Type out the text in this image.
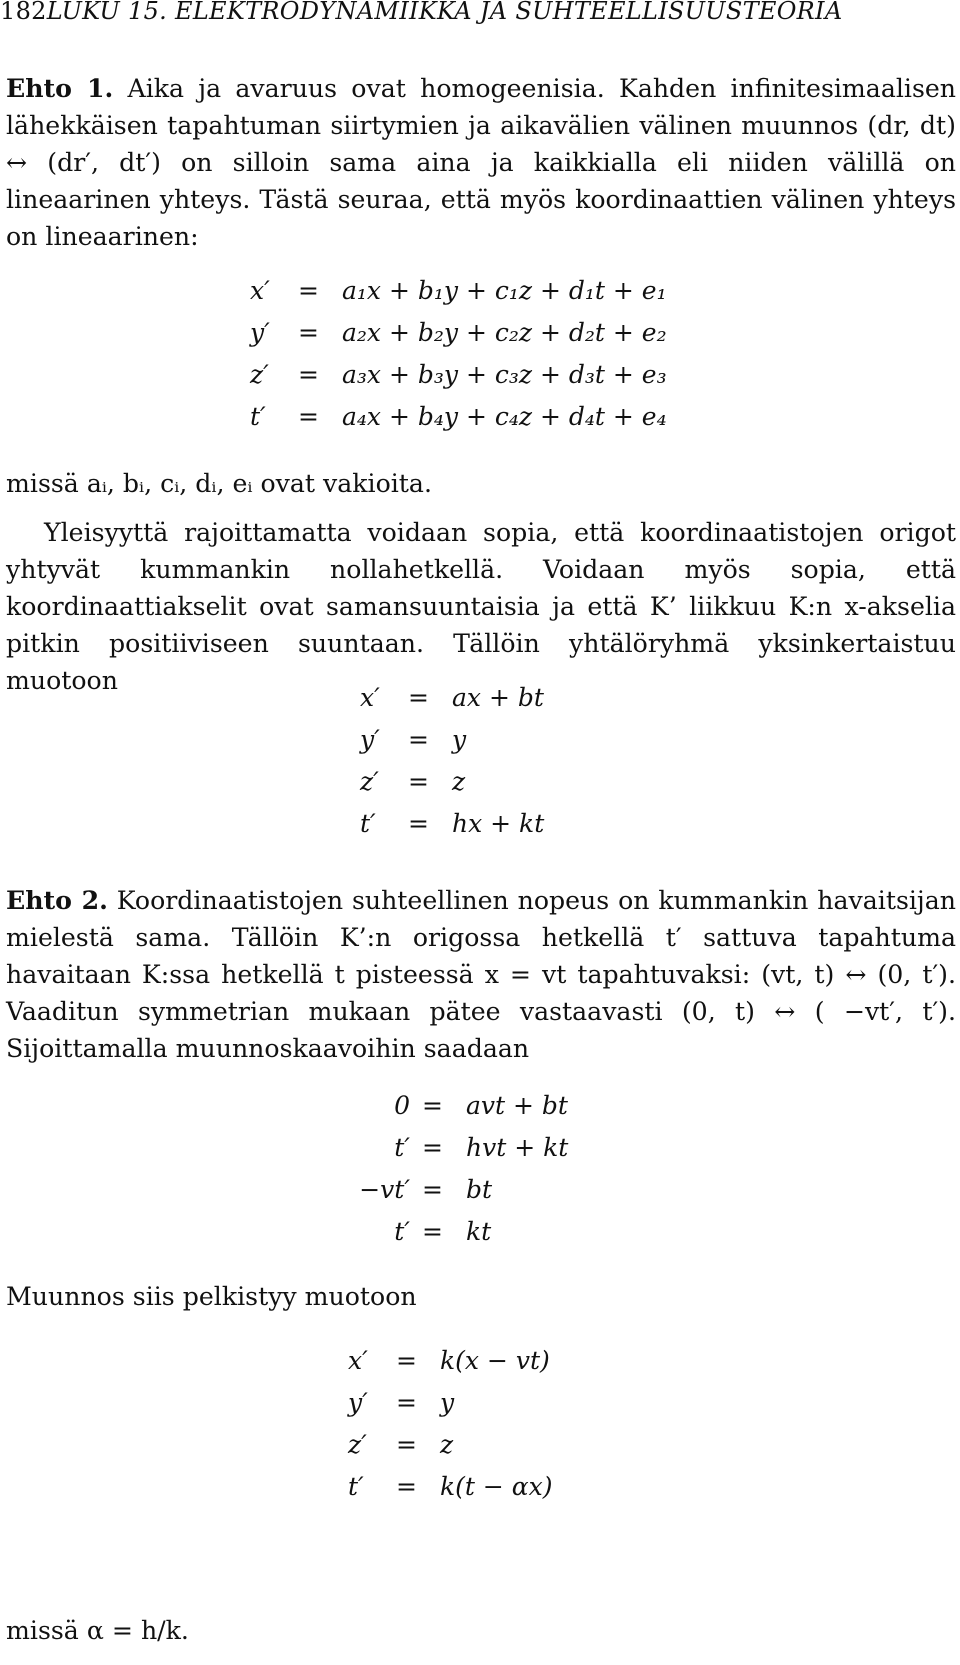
182LUKU 15. ELEKTRODYNAMIIKKA JA SUHTEELLISUUSTEORIA

Ehto 1. Aika ja avaruus ovat homogeenisia. Kahden infinitesimaalisen lähekkäisen tapahtuman siirtymien ja aikavälien välinen muunnos (dr, dt) ↔ (dr′, dt′) on silloin sama aina ja kaikkialla eli niiden välillä on lineaarinen yhteys. Tästä seuraa, että myös koordinaattien välinen yhteys on lineaarinen:

x′ = a₁x + b₁y + c₁z + d₁t + e₁
y′ = a₂x + b₂y + c₂z + d₂t + e₂
z′ = a₃x + b₃y + c₃z + d₃t + e₃
t′ = a₄x + b₄y + c₄z + d₄t + e₄
missä aᵢ, bᵢ, cᵢ, dᵢ, eᵢ ovat vakioita.

Yleisyyttä rajoittamatta voidaan sopia, että koordinaatistojen origot yhtyvät kummankin nollahetkellä. Voidaan myös sopia, että koordinaattiakselit ovat samansuuntaisia ja että K’ liikkuu K:n x-akselia pitkin positiiviseen suuntaan. Tällöin yhtälöryhmä yksinkertaistuu muotoon

x′ = ax + bt
y′ = y
z′ = z
t′ = hx + kt

Ehto 2. Koordinaatistojen suhteellinen nopeus on kummankin havaitsijan mielestä sama. Tällöin K’:n origossa hetkellä t′ sattuva tapahtuma havaitaan K:ssa hetkellä t pisteessä x = vt tapahtuvaksi: (vt, t) ↔ (0, t′). Vaaditun symmetrian mukaan pätee vastaavasti (0, t) ↔ ( −vt′, t′). Sijoittamalla muunnoskaavoihin saadaan

0 = avt + bt
t′ = hvt + kt
−vt′ = bt
t′ = kt
Muunnos siis pelkistyy muotoon
x′ = k(x − vt)
y′ = y
z′ = z
t′ = k(t − αx)
missä α = h/k.
